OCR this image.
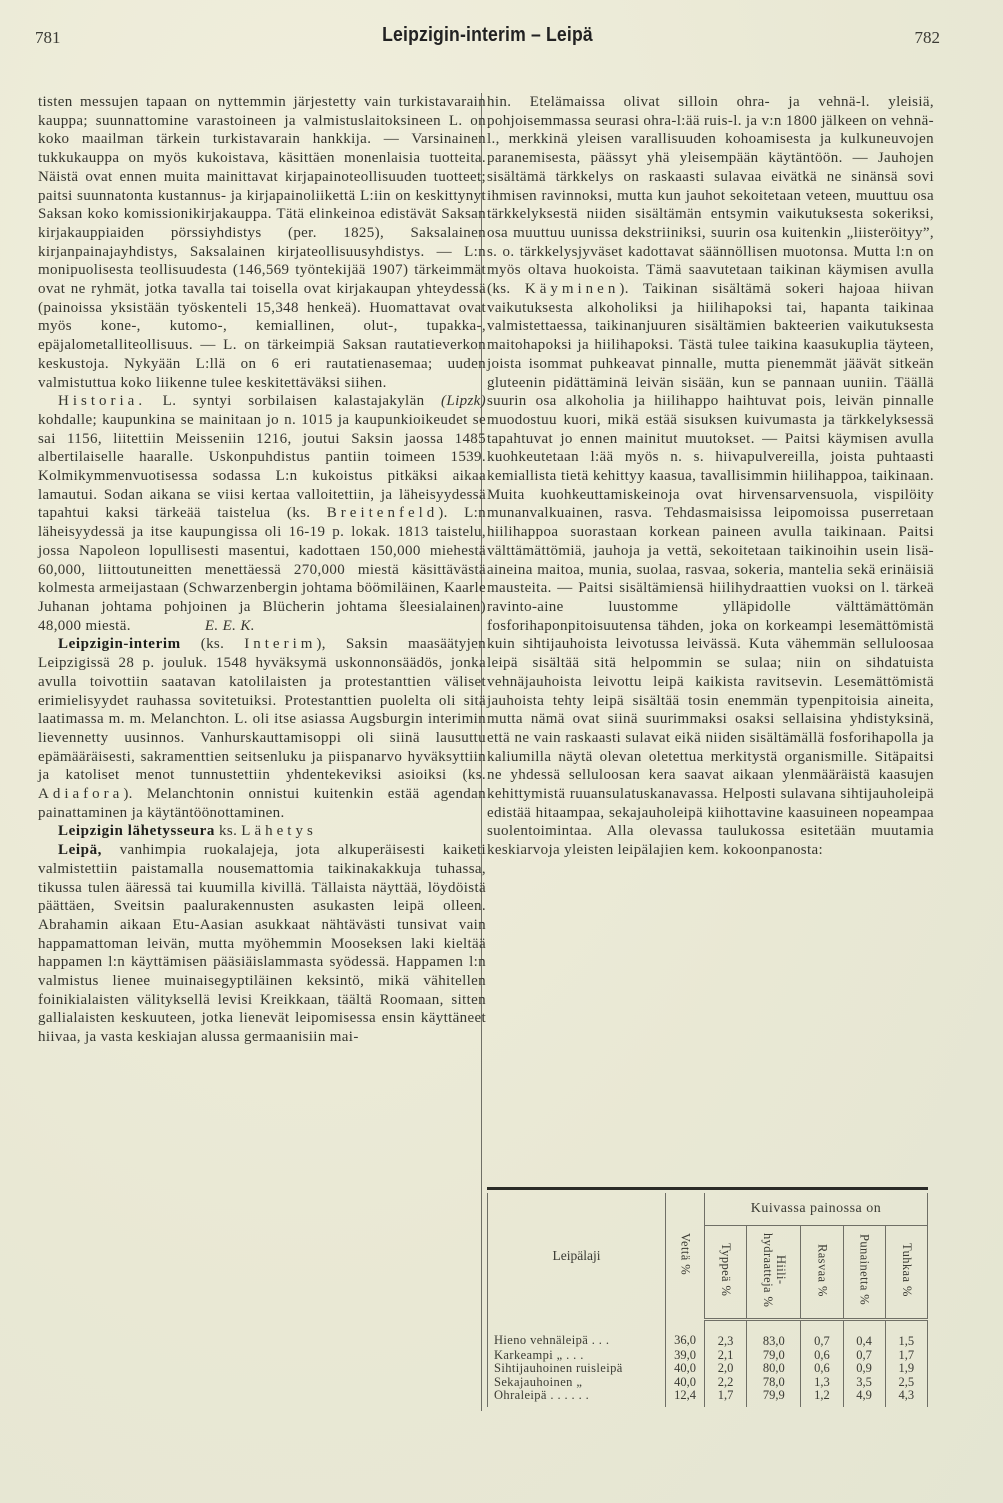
781	Leipzigin-interim – Leipä	782

tisten messujen tapaan on nyttemmin järjestetty vain turkistavarain kauppa; suunnattomine varastoineen ja valmistuslaitoksineen L. on koko maailman tärkein turkistavarain hankkija. — Varsinainen tukkukauppa on myös kukoistava, käsittäen monenlaisia tuotteita. Näistä ovat ennen muita mainittavat kirjapainoteollisuuden tuotteet; paitsi suunnatonta kustannus- ja kirjapainoliikettä L:iin on keskittynyt Saksan koko komissionikirjakauppa. Tätä elinkeinoa edistävät Saksan kirjakauppiaiden pörssiyhdistys (per. 1825), Saksalainen kirjanpainajayhdistys, Saksalainen kirjateollisuusyhdistys. — L:n monipuolisesta teollisuudesta (146,569 työntekijää 1907) tärkeimmät ovat ne ryhmät, jotka tavalla tai toisella ovat kirjakaupan yhteydessä (painoissa yksistään työskenteli 15,348 henkeä). Huomattavat ovat myös kone-, kutomo-, kemiallinen, olut-, tupakka-, epäjalometalliteollisuus. — L. on tärkeimpiä Saksan rautatieverkon keskustoja. Nykyään L:llä on 6 eri rautatienasemaa; uuden valmistuttua koko liikenne tulee keskitettäväksi siihen.

Historia. L. syntyi sorbilaisen kalastajakylän (Lipzk) kohdalle; kaupunkina se mainitaan jo n. 1015 ja kaupunkioikeudet se sai 1156, liitettiin Meisseniin 1216, joutui Saksin jaossa 1485 albertilaiselle haaralle. Uskonpuhdistus pantiin toimeen 1539. Kolmikymmenvuotisessa sodassa L:n kukoistus pitkäksi aikaa lamautui. Sodan aikana se viisi kertaa valloitettiin, ja läheisyydessä tapahtui kaksi tärkeää taistelua (ks. Breitenfeld). L:n läheisyydessä ja itse kaupungissa oli 16-19 p. lokak. 1813 taistelu, jossa Napoleon lopullisesti masentui, kadottaen 150,000 miehestä 60,000, liittoutuneitten menettäessä 270,000 miestä käsittävästä kolmesta armeijastaan (Schwarzenbergin johtama böömiläinen, Kaarle Juhanan johtama pohjoinen ja Blücherin johtama šleesialainen) 48,000 miestä.	E. E. K.

Leipzigin-interim (ks. Interim), Saksin maasäätyjen Leipzigissä 28 p. jouluk. 1548 hyväksymä uskonnonsäädös, jonka avulla toivottiin saatavan katolilaisten ja protestanttien väliset erimielisyydet rauhassa sovitetuiksi. Protestanttien puolelta oli sitä laatimassa m. m. Melanchton. L. oli itse asiassa Augsburgin interimin lievennetty uusinnos. Vanhurskauttamisoppi oli siinä lausuttu epämääräisesti, sakramenttien seitsenluku ja piispanarvo hyväksyttiin ja katoliset menot tunnustettiin yhdentekeviksi asioiksi (ks. Adiafora). Melanchtonin onnistui kuitenkin estää agendan painattaminen ja käytäntöönottaminen.

Leipzigin lähetysseura ks. Lähetys

Leipä, vanhimpia ruokalajeja, jota alkuperäisesti kaiketi valmistettiin paistamalla nousemattomia taikinakakkuja tuhassa, tikussa tulen ääressä tai kuumilla kivillä. Tällaista näyttää, löydöistä päättäen, Sveitsin paalurakennusten asukasten leipä olleen. Abrahamin aikaan Etu-Aasian asukkaat nähtävästi tunsivat vain happamattoman leivän, mutta myöhemmin Mooseksen laki kieltää happamen l:n käyttämisen pääsiäislammasta syödessä. Happamen l:n valmistus lienee muinaisegyptiläinen keksintö, mikä vähitellen foinikialaisten välityksellä levisi Kreikkaan, täältä Roomaan, sitten gallialaisten keskuuteen, jotka lienevät leipomisessa ensin käyttäneet hiivaa, ja vasta keskiajan alussa germaanisiin mai-

hin. Etelämaissa olivat silloin ohra- ja vehnä-l. yleisiä, pohjoisemmassa seurasi ohra-l:ää ruis-l. ja v:n 1800 jälkeen on vehnä-l., merkkinä yleisen varallisuuden kohoamisesta ja kulkuneuvojen paranemisesta, päässyt yhä yleisempään käytäntöön. — Jauhojen sisältämä tärkkelys on raskaasti sulavaa eivätkä ne sinänsä sovi ihmisen ravinnoksi, mutta kun jauhot sekoitetaan veteen, muuttuu osa tärkkelyksestä niiden sisältämän entsymin vaikutuksesta sokeriksi, osa muuttuu uunissa dekstriiniksi, suurin osa kuitenkin „liisteröityy”, s. o. tärkkelysjyväset kadottavat säännöllisen muotonsa. Mutta l:n on myös oltava huokoista. Tämä saavutetaan taikinan käymisen avulla (ks. Käyminen). Taikinan sisältämä sokeri hajoaa hiivan vaikutuksesta alkoholiksi ja hiilihapoksi tai, hapanta taikinaa valmistettaessa, taikinanjuuren sisältämien bakteerien vaikutuksesta maitohapoksi ja hiilihapoksi. Tästä tulee taikina kaasukuplia täyteen, joista isommat puhkeavat pinnalle, mutta pienemmät jäävät sitkeän gluteenin pidättäminä leivän sisään, kun se pannaan uuniin. Täällä suurin osa alkoholia ja hiilihappo haihtuvat pois, leivän pinnalle muodostuu kuori, mikä estää sisuksen kuivumasta ja tärkkelyksessä tapahtuvat jo ennen mainitut muutokset. — Paitsi käymisen avulla kuohkeutetaan l:ää myös n. s. hiivapulvereilla, joista puhtaasti kemiallista tietä kehittyy kaasua, tavallisimmin hiilihappoa, taikinaan. Muita kuohkeuttamiskeinoja ovat hirvensarvensuola, vispilöity munanvalkuainen, rasva. Tehdasmaisissa leipomoissa puserretaan hiilihappoa suorastaan korkean paineen avulla taikinaan. Paitsi välttämättömiä, jauhoja ja vettä, sekoitetaan taikinoihin usein lisä-aineina maitoa, munia, suolaa, rasvaa, sokeria, mantelia sekä erinäisiä mausteita. — Paitsi sisältämiensä hiilihydraattien vuoksi on l. tärkeä ravinto-aine luustomme ylläpidolle välttämättömän fosforihaponpitoisuutensa tähden, joka on korkeampi lesemättömistä kuin sihtijauhoista leivotussa leivässä. Kuta vähemmän selluloosaa leipä sisältää sitä helpommin se sulaa; niin on sihdatuista vehnäjauhoista leivottu leipä kaikista ravitsevin. Lesemättömistä jauhoista tehty leipä sisältää tosin enemmän typenpitoisia aineita, mutta nämä ovat siinä suurimmaksi osaksi sellaisina yhdistyksinä, että ne vain raskaasti sulavat eikä niiden sisältämällä fosforihapolla ja kaliumilla näytä olevan oletettua merkitystä organismille. Sitäpaitsi ne yhdessä selluloosan kera saavat aikaan ylenmääräistä kaasujen kehittymistä ruuansulatuskanavassa. Helposti sulavana sihtijauholeipä edistää hitaampaa, sekajauholeipä kiihottavine kaasuineen nopeampaa suolentoimintaa. Alla olevassa taulukossa esitetään muutamia keskiarvoja yleisten leipälajien kem. kokoonpanosta:

Leipälaji	Vettä %	Kuivassa painossa on				
		Typpeä %	Hiili-hydraatteja %	Rasvaa %	Punainetta %	Tuhkaa %
Hieno vehnäleipä . . .	36,0	2,3	83,0	0,7	0,4	1,5
Karkeampi „ . . .	39,0	2,1	79,0	0,6	0,7	1,7
Sihtijauhoinen ruisleipä	40,0	2,0	80,0	0,6	0,9	1,9
Sekajauhoinen „	40,0	2,2	78,0	1,3	3,5	2,5
Ohraleipä . . . . . .	12,4	1,7	79,9	1,2	4,9	4,3
